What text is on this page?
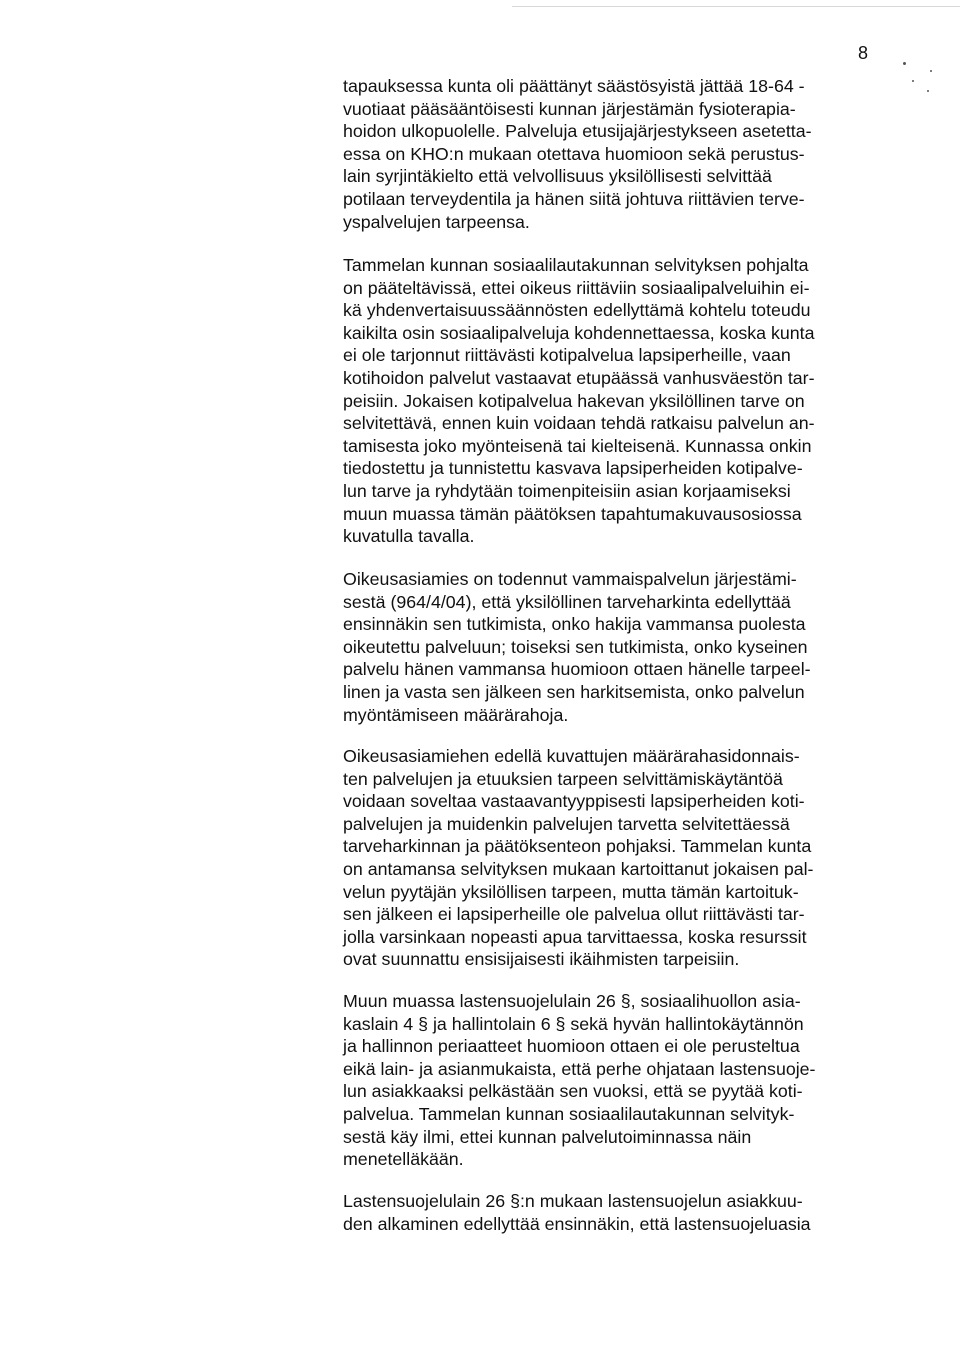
8

tapauksessa kunta oli päättänyt säästösyistä jättää 18-64 -

vuotiaat pääsääntöisesti kunnan järjestämän fysioterapia-

hoidon ulkopuolelle. Palveluja etusijajärjestykseen asetetta-

essa on KHO:n mukaan otettava huomioon sekä perustus-

lain syrjintäkielto että velvollisuus yksilöllisesti selvittää

potilaan terveydentila ja hänen siitä johtuva riittävien terve-

yspalvelujen tarpeensa.

Tammelan kunnan sosiaalilautakunnan selvityksen pohjalta

on pääteltävissä, ettei oikeus riittäviin sosiaalipalveluihin ei-

kä yhdenvertaisuussäännösten edellyttämä kohtelu toteudu

kaikilta osin sosiaalipalveluja kohdennettaessa, koska kunta

ei ole tarjonnut riittävästi kotipalvelua lapsiperheille, vaan

kotihoidon palvelut vastaavat etupäässä vanhusväestön tar-

peisiin. Jokaisen kotipalvelua hakevan yksilöllinen tarve on

selvitettävä, ennen kuin voidaan tehdä ratkaisu palvelun an-

tamisesta joko myönteisenä tai kielteisenä. Kunnassa onkin

tiedostettu ja tunnistettu kasvava lapsiperheiden kotipalve-

lun tarve ja ryhdytään toimenpiteisiin asian korjaamiseksi

muun muassa tämän päätöksen tapahtumakuvausosiossa

kuvatulla tavalla.

Oikeusasiamies on todennut vammaispalvelun järjestämi-

sestä (964/4/04), että yksilöllinen tarveharkinta edellyttää

ensinnäkin sen tutkimista, onko hakija vammansa puolesta

oikeutettu palveluun; toiseksi sen tutkimista, onko kyseinen

palvelu hänen vammansa huomioon ottaen hänelle tarpeel-

linen ja vasta sen jälkeen sen harkitsemista, onko palvelun

myöntämiseen määrärahoja.

Oikeusasiamiehen edellä kuvattujen määrärahasidonnais-

ten palvelujen ja etuuksien tarpeen selvittämiskäytäntöä

voidaan soveltaa vastaavantyyppisesti lapsiperheiden koti-

palvelujen ja muidenkin palvelujen tarvetta selvitettäessä

tarveharkinnan ja päätöksenteon pohjaksi. Tammelan kunta

on antamansa selvityksen mukaan kartoittanut jokaisen pal-

velun pyytäjän yksilöllisen tarpeen, mutta tämän kartoituk-

sen jälkeen ei lapsiperheille ole palvelua ollut riittävästi tar-

jolla varsinkaan nopeasti apua tarvittaessa, koska resurssit

ovat suunnattu ensisijaisesti ikäihmisten tarpeisiin.

Muun muassa lastensuojelulain 26 §, sosiaalihuollon asia-

kaslain 4 § ja hallintolain 6 § sekä hyvän hallintokäytännön

ja hallinnon periaatteet huomioon ottaen ei ole perusteltua

eikä lain- ja asianmukaista, että perhe ohjataan lastensuoje-

lun asiakkaaksi pelkästään sen vuoksi, että se pyytää koti-

palvelua. Tammelan kunnan sosiaalilautakunnan selvityk-

sestä käy ilmi, ettei kunnan palvelutoiminnassa näin

menetelläkään.

Lastensuojelulain 26 §:n mukaan lastensuojelun asiakkuu-

den alkaminen edellyttää ensinnäkin, että lastensuojeluasia
